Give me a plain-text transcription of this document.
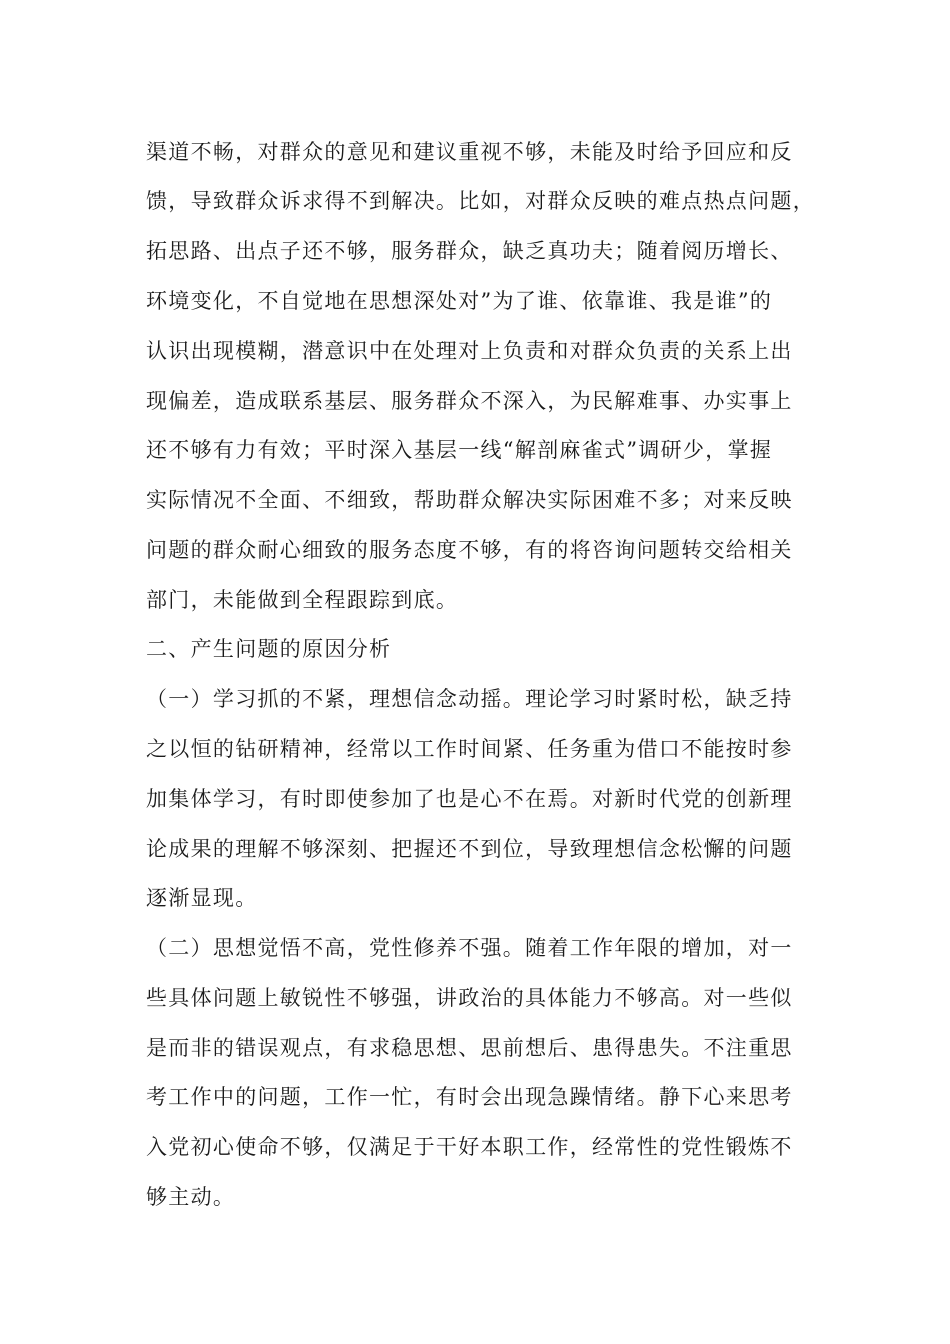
渠道不畅，对群众的意见和建议重视不够，未能及时给予回应和反
馈，导致群众诉求得不到解决。比如，对群众反映的难点热点问题，
拓思路、出点子还不够，服务群众，缺乏真功夫；随着阅历增长、
环境变化，不自觉地在思想深处对”为了谁、依靠谁、我是谁”的
认识出现模糊，潜意识中在处理对上负责和对群众负责的关系上出
现偏差，造成联系基层、服务群众不深入，为民解难事、办实事上
还不够有力有效；平时深入基层一线“解剖麻雀式”调研少，掌握
实际情况不全面、不细致，帮助群众解决实际困难不多；对来反映
问题的群众耐心细致的服务态度不够，有的将咨询问题转交给相关
部门，未能做到全程跟踪到底。
二、产生问题的原因分析
（一）学习抓的不紧，理想信念动摇。理论学习时紧时松，缺乏持
之以恒的钻研精神，经常以工作时间紧、任务重为借口不能按时参
加集体学习，有时即使参加了也是心不在焉。对新时代党的创新理
论成果的理解不够深刻、把握还不到位，导致理想信念松懈的问题
逐渐显现。
（二）思想觉悟不高，党性修养不强。随着工作年限的增加，对一
些具体问题上敏锐性不够强，讲政治的具体能力不够高。对一些似
是而非的错误观点，有求稳思想、思前想后、患得患失。不注重思
考工作中的问题，工作一忙，有时会出现急躁情绪。静下心来思考
入党初心使命不够，仅满足于干好本职工作，经常性的党性锻炼不
够主动。
